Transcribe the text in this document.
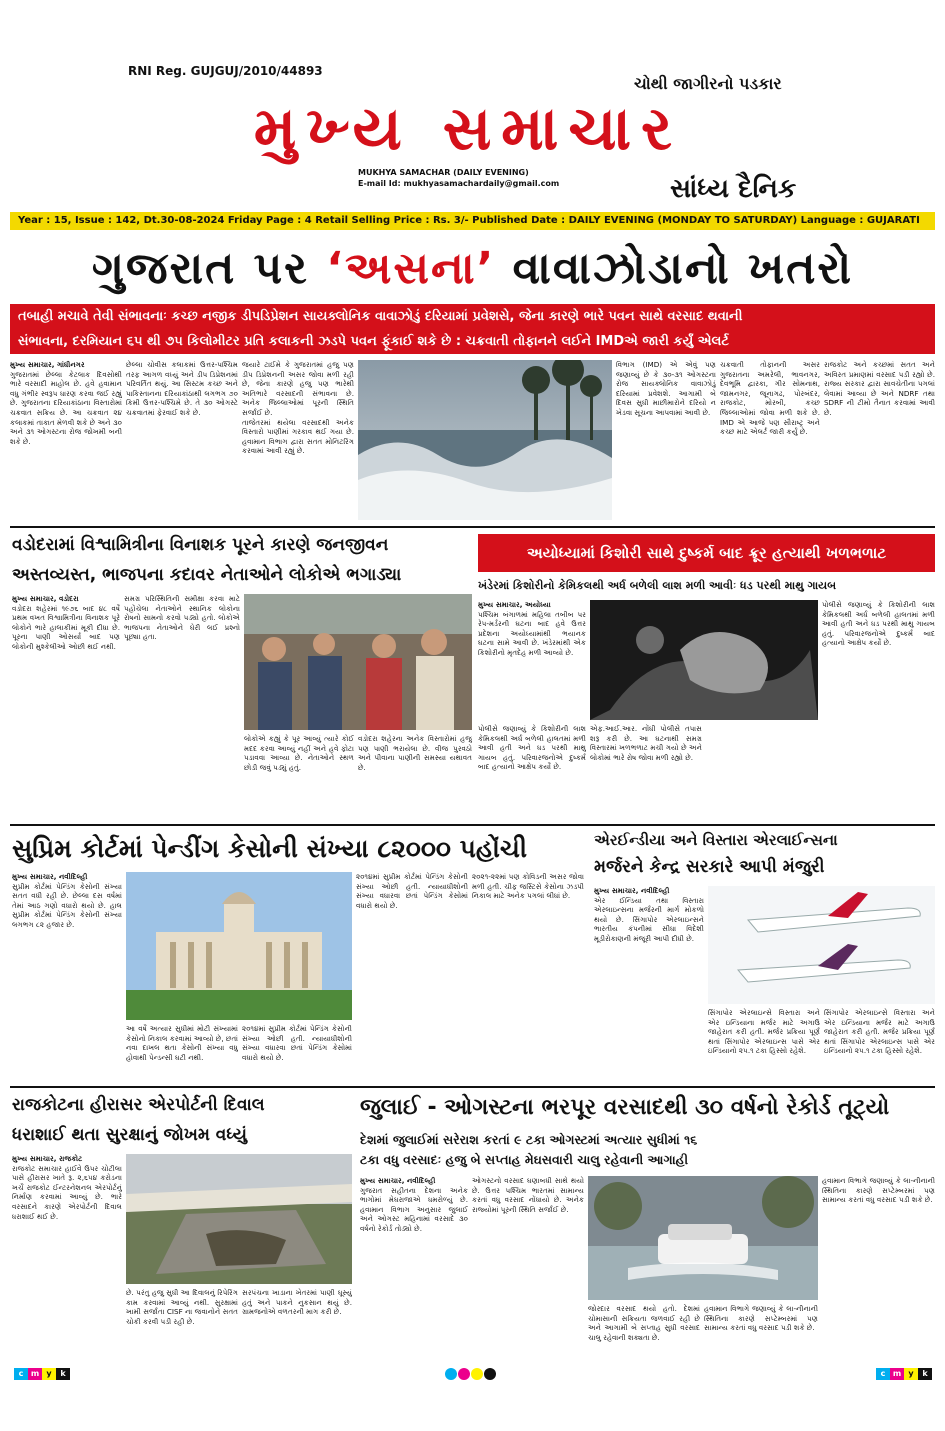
RNI Reg. GUJGUJ/2010/44893
ચોથી જાગીરનો પડકાર
મુખ્ય સમાચાર
MUKHYA SAMACHAR (DAILY EVENING)
E-mail Id: mukhyasamachardaily@gmail.com	સાંધ્ય દૈનિક
Year : 15, Issue : 142, Dt.30-08-2024 Friday Page : 4 Retail Selling Price : Rs. 3/- Published Date : DAILY EVENING (MONDAY TO SATURDAY) Language : GUJARATI
ગુજરાત પર ‘અસના’ વાવાઝોડાનો ખતરો
તબાહી મચાવે તેવી સંભાવનાઃ કચ્છ નજીક ડીપડિપ્રેશન સાયક્લોનિક વાવાઝોડું દરિયામાં પ્રવેશસે, જેના કારણે ભારે પવન સાથે વરસાદ થવાની
સંભાવના, દરમિયાન ૬૫ થી ૭૫ કિલોમીટર પ્રતિ કલાકની ઝડપે પવન ફૂંકાઈ શકે છે : ચક્રવાતી તોફાનને લઈને IMDએ જારી કર્યું એલર્ટ
મુખ્ય સમાચાર, ગાંધીનગર
ગુજરાતમાં છેલ્લા કેટલાક દિવસોથી ભારે વરસાદી માહોલ છે. હવે હવામાન વધુ ગંભીર સ્વરૂપ ધારણ કરવા જઈ રહ્યું છે. ગુજરાતના દરિયાકાંઠાના વિસ્તારોમાં ચક્રવાત સક્રિય છે. આ ચક્રવાત ૨૪ કલાકમાં તાકાત મેળવી શકે છે અને ૩૦ અને ૩૧ ઓગસ્ટના રોજ જોખમી બની શકે છે.
છેલ્લા ચોવીસ કલાકમાં ઉત્તર-પશ્ચિમ તરફ આગળ વધ્યું અને ડીપ ડિપ્રેશનમાં પરિવર્તિત થયું. આ સિસ્ટમ કચ્છ અને પાકિસ્તાનના દરિયાકાંઠાથી લગભગ ૭૦ કિમી ઉત્તર-પશ્ચિમે છે. તે ૩૦ ઓગસ્ટે ચક્રવાતમાં ફેરવાઈ શકે છે.
જયારે ટાઈમે કે ગુજરાતમાં હજુ પણ ડીપ ડિપ્રેશનની અસર જોવા મળી રહી છે, જેના કારણે હજુ પણ ભારેથી અતિભારે વરસાદની સંભાવના છે. અનેક જિલ્લાઓમાં પૂરની સ્થિતિ સર્જાઈ છે.
તાજેતરમાં થયેલા વરસાદથી અનેક વિસ્તારો પાણીમાં ગરકાવ થઈ ગયા છે. હવામાન વિભાગ દ્વારા સતત મોનિટરિંગ કરવામાં આવી રહ્યું છે.
વિભાગ (IMD) એ એવું પણ જણાવ્યું છે કે ૩૦-૩૧ ઓગસ્ટના રોજ સાયક્લોનિક વાવાઝોડું દરિયામાં પ્રવેશશે. આગામી બે દિવસ સુધી માછીમારોને દરિયો ન ખેડવા સૂચના આપવામાં આવી છે.
ચક્રવાતી તોફાનની અસર ગુજરાતના અમરેલી, ભાવનગર, દેવભૂમિ દ્વારકા, ગીર સોમનાથ, જામનગર, જૂનાગઢ, પોરબંદર, રાજકોટ, મોરબી, કચ્છ જિલ્લાઓમાં જોવા મળી શકે છે. IMD એ આજે પણ સૌરાષ્ટ્ર અને કચ્છ માટે એલર્ટ જારી કર્યું છે.
રાજકોટ અને કચ્છમાં સતત અને અવિરત પ્રમાણમાં વરસાદ પડી રહ્યો છે. રાજ્ય સરકાર દ્વારા સાવચેતીના પગલાં લેવામાં આવ્યા છે અને NDRF તથા SDRF ની ટીમો તૈનાત કરવામાં આવી છે.
વડોદરામાં વિશ્વામિત્રીના વિનાશક પૂરને કારણે જનજીવન
અસ્તવ્યસ્ત, ભાજપના કદાવર નેતાઓને લોકોએ ભગાડ્યા
મુખ્ય સમાચાર, વડોદરા
વડોદરા શહેરમાં ૧૯૭૬ બાદ ૪૮ વર્ષે પ્રથમ વખત વિશ્વામિત્રીના વિનાશક પૂરે લોકોને ભારે હાલાકીમાં મૂકી દીધા છે. પૂરના પાણી ઓસર્યા બાદ પણ લોકોની મુશ્કેલીઓ ઓછી થઈ નથી.
સમગ્ર પરિસ્થિતિની સમીક્ષા કરવા માટે પહોંચેલા નેતાઓને સ્થાનિક લોકોના રોષનો સામનો કરવો પડ્યો હતો. લોકોએ ભાજપના નેતાઓને ઘેરી લઈ પ્રશ્નો પૂછ્યા હતા.
લોકોએ કહ્યું કે પૂર આવ્યું ત્યારે કોઈ મદદ કરવા આવ્યું નહીં અને હવે ફોટા પડાવવા આવ્યા છે. નેતાઓને સ્થળ છોડી જવું પડ્યું હતું.
વડોદરા શહેરના અનેક વિસ્તારોમાં હજુ પણ પાણી ભરાયેલા છે. વીજ પુરવઠો અને પીવાના પાણીની સમસ્યા યથાવત છે.
અયોધ્યામાં કિશોરી સાથે દુષ્કર્મ બાદ ક્રૂર હત્યાથી ખળભળાટ
ખંડેરમાં કિશોરીનો કેમિકલથી અર્ધ બળેલી લાશ મળી આવીઃ ધડ પરથી માથુ ગાયબ
મુખ્ય સમાચાર, અયોધ્યા
પશ્ચિમ બંગાળમાં મહિલા તબીબ પર રેપ-મર્ડરની ઘટના બાદ હવે ઉત્તર પ્રદેશના અયોધ્યામાંથી ભયાનક ઘટના સામે આવી છે. ખંડેરમાંથી એક કિશોરીનો મૃતદેહ મળી આવ્યો છે.
પોલીસે જણાવ્યું કે કિશોરીની લાશ કેમિકલથી અર્ધ બળેલી હાલતમાં મળી આવી હતી અને ધડ પરથી માથુ ગાયબ હતું. પરિવારજનોએ દુષ્કર્મ બાદ હત્યાનો આક્ષેપ કર્યો છે.
એફ.આઈ.આર. નોંધી પોલીસે તપાસ શરૂ કરી છે. આ ઘટનાથી સમગ્ર વિસ્તારમાં ખળભળાટ મચી ગયો છે અને લોકોમાં ભારે રોષ જોવા મળી રહ્યો છે.
પોલીસે જણાવ્યું કે કિશોરીની લાશ કેમિકલથી અર્ધ બળેલી હાલતમાં મળી આવી હતી અને ધડ પરથી માથુ ગાયબ હતું. પરિવારજનોએ દુષ્કર્મ બાદ હત્યાનો આક્ષેપ કર્યો છે.
સુપ્રિમ કોર્ટમાં પેન્ડીંગ કેસોની સંખ્યા ૮૨૦૦૦ પહોંચી
મુખ્ય સમાચાર, નવીદિલ્હી
સુપ્રીમ કોર્ટમાં પેન્ડિંગ કેસોની સંખ્યા સતત વધી રહી છે. છેલ્લા દસ વર્ષમાં તેમાં આઠ ગણો વધારો થયો છે. હાલ સુપ્રીમ કોર્ટમાં પેન્ડિંગ કેસોની સંખ્યા લગભગ ૮૨ હજાર છે.
આ વર્ષે અત્યાર સુધીમાં મોટી સંખ્યામાં કેસોનો નિકાલ કરવામાં આવ્યો છે, છતાં નવા દાખલ થતા કેસોની સંખ્યા વધુ હોવાથી પેન્ડન્સી ઘટી નથી.
૨૦૧૪માં સુપ્રીમ કોર્ટમાં પેન્ડિંગ કેસોની સંખ્યા ઓછી હતી. ન્યાયાધીશોની સંખ્યા વધારવા છતાં પેન્ડિંગ કેસોમાં વધારો થયો છે.
૨૦૧૪માં સુપ્રીમ કોર્ટમાં પેન્ડિંગ કેસોની સંખ્યા ઓછી હતી. ન્યાયાધીશોની સંખ્યા વધારવા છતાં પેન્ડિંગ કેસોમાં વધારો થયો છે.
૨૦૨૧-૨૨માં પણ કોવિડની અસર જોવા મળી હતી. ચીફ જસ્ટિસે કેસોના ઝડપી નિકાલ માટે અનેક પગલાં લીધાં છે.
એરઈન્ડીયા અને વિસ્તારા એરલાઈન્સના
મર્જરને કેન્દ્ર સરકારે આપી મંજુરી
મુખ્ય સમાચાર, નવીદિલ્હી
એર ઈન્ડિયા તથા વિસ્તારા એરલાઇન્સના મર્જરની માર્ગ મોકળો થયો છે. સિંગાપોર એરલાઇન્સને ભારતીય કંપનીમાં સીધા વિદેશી મૂડીરોકાણની મંજૂરી આપી દીધી છે.
સિંગાપોર એરલાઇન્સે વિસ્તારા અને એર ઇન્ડિયાના મર્જર માટે અગાઉ જાહેરાત કરી હતી. મર્જર પ્રક્રિયા પૂર્ણ થતાં સિંગાપોર એરલાઇન્સ પાસે એર ઇન્ડિયાનો ૨૫.૧ ટકા હિસ્સો રહેશે.
સિંગાપોર એરલાઇન્સે વિસ્તારા અને એર ઇન્ડિયાના મર્જર માટે અગાઉ જાહેરાત કરી હતી. મર્જર પ્રક્રિયા પૂર્ણ થતાં સિંગાપોર એરલાઇન્સ પાસે એર ઇન્ડિયાનો ૨૫.૧ ટકા હિસ્સો રહેશે.
રાજકોટના હીરાસર એરપોર્ટની દિવાલ
ધરાશાઈ થતા સુરક્ષાનું જોખમ વધ્યું
મુખ્ય સમાચાર, રાજકોટ
રાજકોટ સમાચાર હાઈવે ઉપર ચોટીલા પાસે હીરાસર ખાતે રૂ. ૨,૬૫૪ કરોડના ખર્ચે રાજકોટ ઈન્ટરનેશનલ એરપોર્ટનું નિર્માણ કરવામાં આવ્યું છે. ભારે વરસાદને કારણે એરપોર્ટની દિવાલ ધરાશાઈ થઈ છે.
છે. પરંતુ હજુ સુધી આ દિવાલનું રિપેરિંગ કામ કરવામાં આવ્યું નથી. સુરક્ષામાં ખામી સર્જાતા CISF ના જવાનોને સતત ચોકી કરવી પડી રહી છે.
સરપંચના ખાડાના ખેતરમાં પાણી ઘૂસ્યું હતું અને પાકને નુકસાન થયું છે. ગ્રામજનોએ વળતરની માગ કરી છે.
જુલાઈ - ઓગસ્ટના ભરપૂર વરસાદથી ૩૦ વર્ષનો રેકોર્ડ તૂટ્યો
દેશમાં જુલાઈમાં સરેરાશ કરતાં ૯ ટકા ઓગસ્ટમાં અત્યાર સુધીમાં ૧૬
ટકા વધુ વરસાદઃ હજુ બે સપ્તાહ મેઘસવારી ચાલુ રહેવાની આગાહી
મુખ્ય સમાચાર, નવીદિલ્હી
ગુજરાત સહીતના દેશના અનેક ભાગોમાં મેઘરાજાએ ધમરોળ્યું છે. હવામાન વિભાગ અનુસાર જુલાઈ અને ઓગસ્ટ મહિનામાં વરસાદે ૩૦ વર્ષનો રેકોર્ડ તોડ્યો છે.
ઓગસ્ટનો વરસાદ ઘણાબધી સાથે થયો છે. ઉત્તર પશ્ચિમ ભારતમાં સામાન્ય કરતાં વધુ વરસાદ નોંધાયો છે. અનેક રાજ્યોમાં પૂરની સ્થિતિ સર્જાઈ છે.
જોરદાર વરસાદ થયો હતો. દેશમાં ચોમાસાની સક્રિયતા જળવાઈ રહી છે અને આગામી બે સપ્તાહ સુધી વરસાદ ચાલુ રહેવાની શક્યતા છે.
હવામાન વિભાગે જણાવ્યું કે લા-નીનાની સ્થિતિના કારણે સપ્ટેમ્બરમાં પણ સામાન્ય કરતાં વધુ વરસાદ પડી શકે છે.
હવામાન વિભાગે જણાવ્યું કે લા-નીનાની સ્થિતિના કારણે સપ્ટેમ્બરમાં પણ સામાન્ય કરતાં વધુ વરસાદ પડી શકે છે.
c m y	k	c m y	k
